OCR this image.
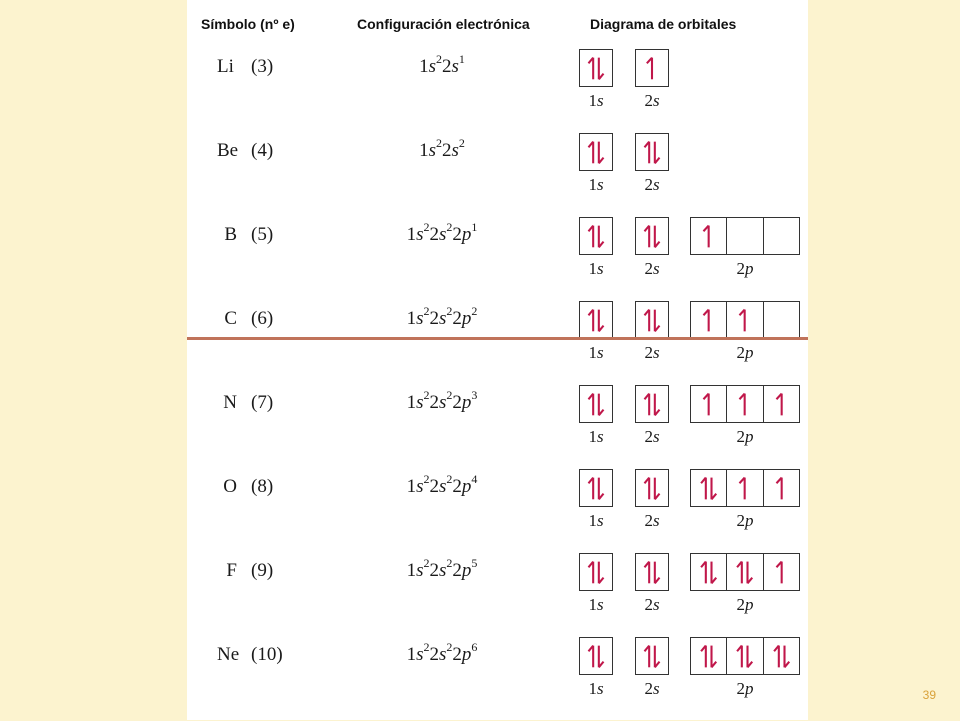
Símbolo (nº e)	Configuración electrónica	Diagrama de orbitales
Li (3)	$1s^22s^1$
1s	2s
Be (4)	$1s^22s^2$
1s	2s
B (5)	$1s^22s^22p^1$
1s	2s	2p
C (6)	$1s^22s^22p^2$
1s	2s	2p
N (7)	$1s^22s^22p^3$
1s	2s	2p
O (8)	$1s^22s^22p^4$
1s	2s	2p
F (9)	$1s^22s^22p^5$
1s	2s	2p
Ne (10)	$1s^22s^22p^6$
1s	2s	2p	39
